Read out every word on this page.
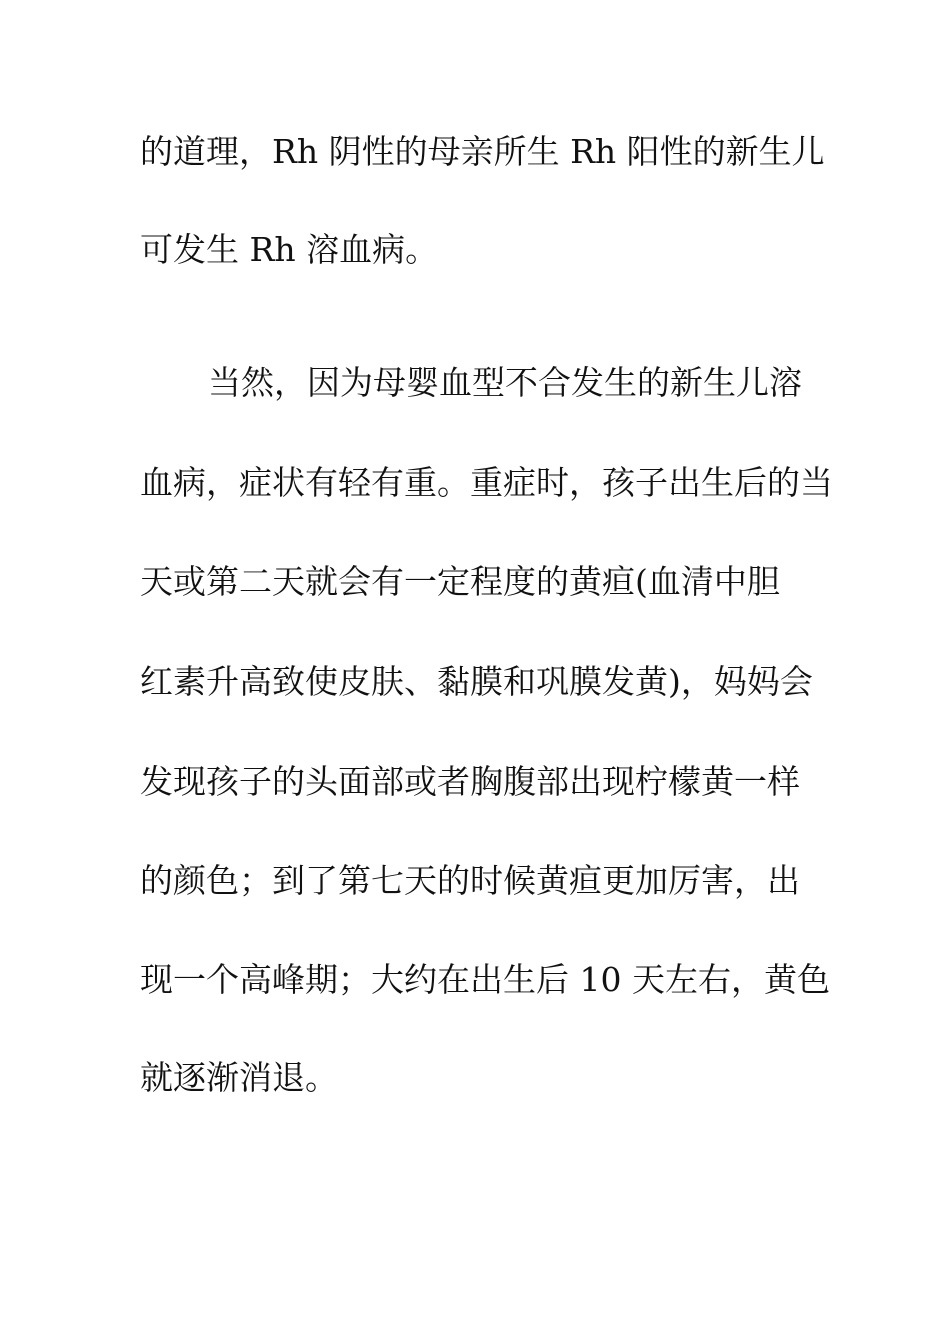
的道理，Rh 阴性的母亲所生 Rh 阳性的新生儿
可发生 Rh 溶血病。
当然，因为母婴血型不合发生的新生儿溶
血病，症状有轻有重。重症时，孩子出生后的当
天或第二天就会有一定程度的黄疸(血清中胆
红素升高致使皮肤、黏膜和巩膜发黄)，妈妈会
发现孩子的头面部或者胸腹部出现柠檬黄一样
的颜色；到了第七天的时候黄疸更加厉害，出
现一个高峰期；大约在出生后 10 天左右，黄色
就逐渐消退。
